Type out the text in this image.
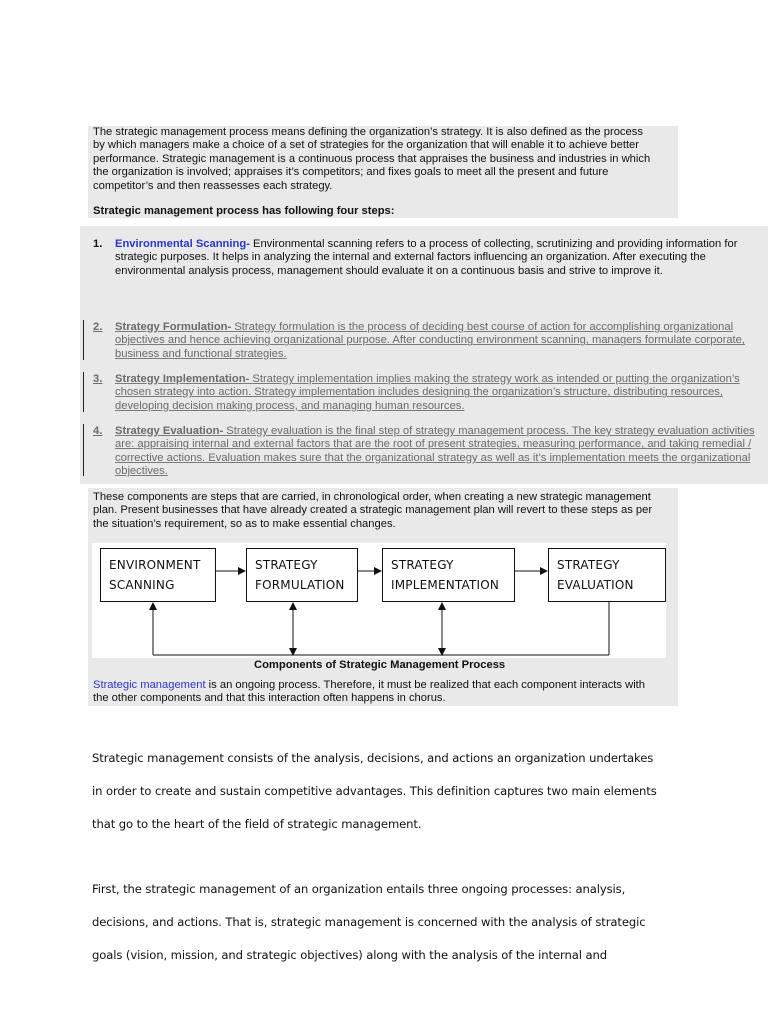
The strategic management process means defining the organization’s strategy. It is also defined as the process
by which managers make a choice of a set of strategies for the organization that will enable it to achieve better
performance. Strategic management is a continuous process that appraises the business and industries in which
the organization is involved; appraises it’s competitors; and fixes goals to meet all the present and future
competitor’s and then reassesses each strategy.
Strategic management process has following four steps:
1. Environmental Scanning- Environmental scanning refers to a process of collecting, scrutinizing and providing information for
strategic purposes. It helps in analyzing the internal and external factors influencing an organization. After executing the
environmental analysis process, management should evaluate it on a continuous basis and strive to improve it.
2. Strategy Formulation- Strategy formulation is the process of deciding best course of action for accomplishing organizational
objectives and hence achieving organizational purpose. After conducting environment scanning, managers formulate corporate,
business and functional strategies.
3. Strategy Implementation- Strategy implementation implies making the strategy work as intended or putting the organization’s
chosen strategy into action. Strategy implementation includes designing the organization’s structure, distributing resources,
developing decision making process, and managing human resources.
4. Strategy Evaluation- Strategy evaluation is the final step of strategy management process. The key strategy evaluation activities
are: appraising internal and external factors that are the root of present strategies, measuring performance, and taking remedial /
corrective actions. Evaluation makes sure that the organizational strategy as well as it’s implementation meets the organizational
objectives.
These components are steps that are carried, in chronological order, when creating a new strategic management
plan. Present businesses that have already created a strategic management plan will revert to these steps as per
the situation’s requirement, so as to make essential changes.
ENVIRONMENT
SCANNING
STRATEGY
FORMULATION
STRATEGY
IMPLEMENTATION
STRATEGY
EVALUATION
Components of Strategic Management Process
Strategic management is an ongoing process. Therefore, it must be realized that each component interacts with
the other components and that this interaction often happens in chorus.
Strategic management consists of the analysis, decisions, and actions an organization undertakes
in order to create and sustain competitive advantages. This definition captures two main elements
that go to the heart of the field of strategic management.
First, the strategic management of an organization entails three ongoing processes: analysis,
decisions, and actions. That is, strategic management is concerned with the analysis of strategic
goals (vision, mission, and strategic objectives) along with the analysis of the internal and
